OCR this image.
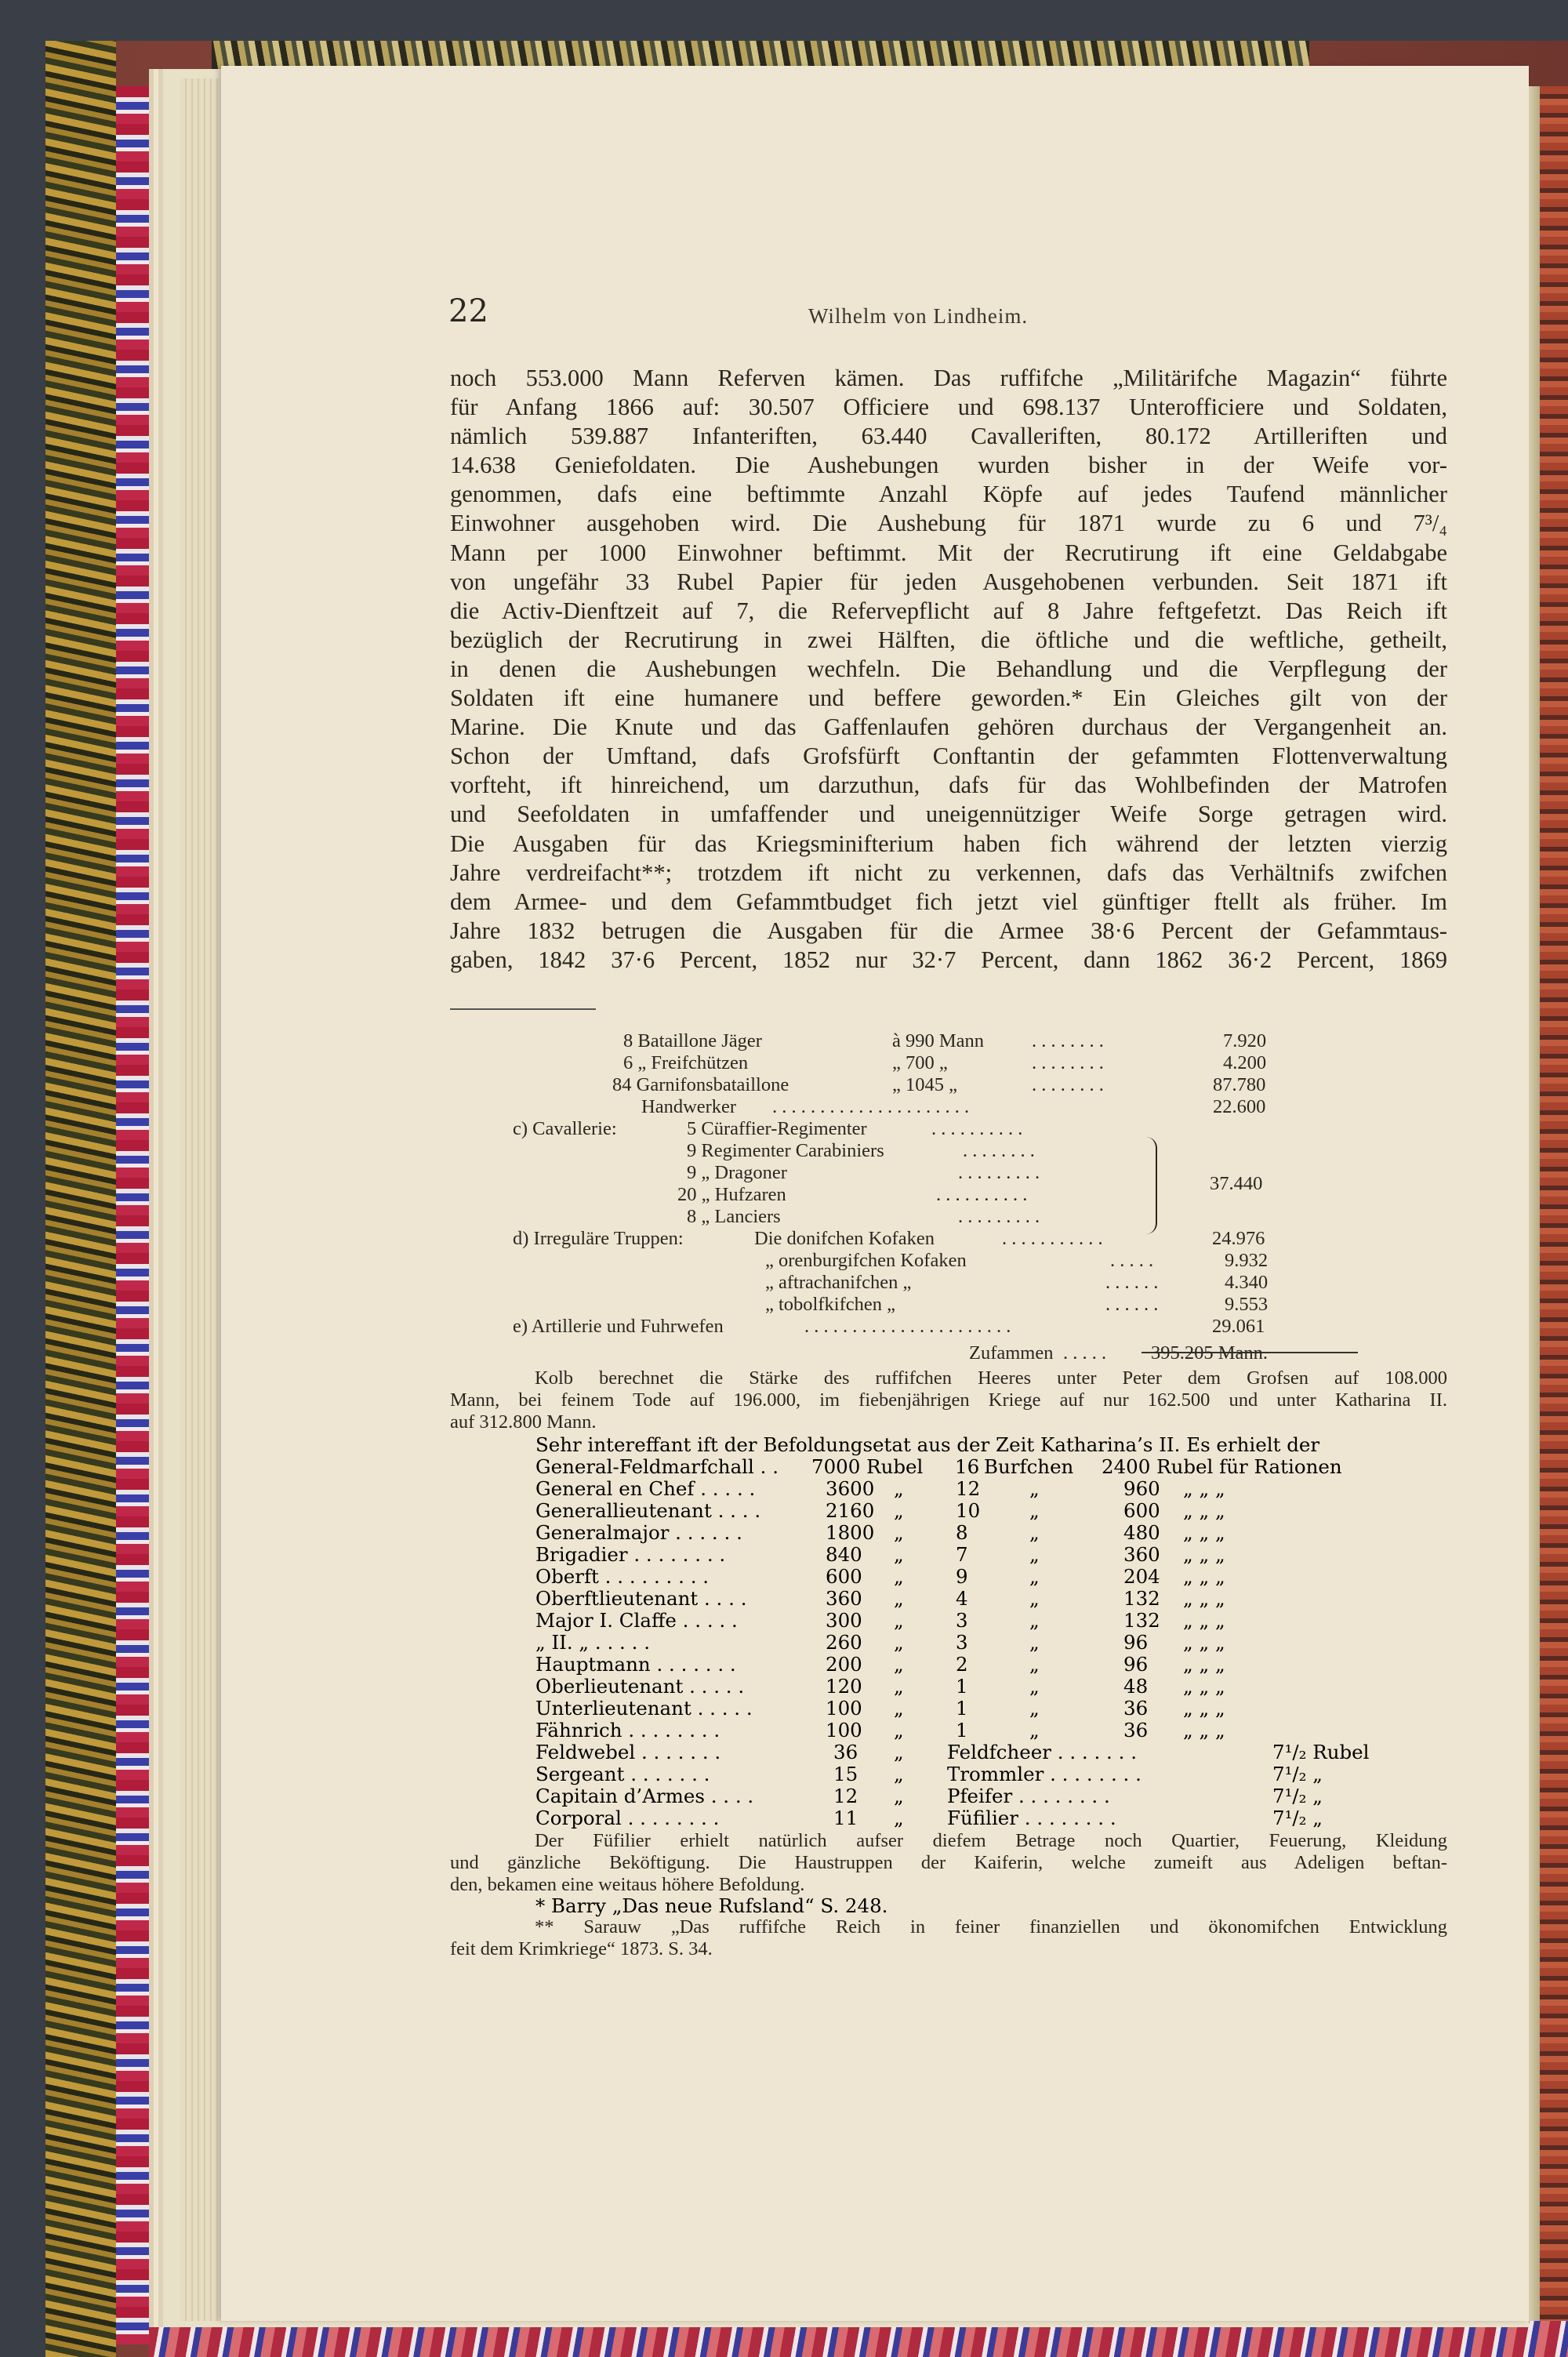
22	Wilhelm von Lindheim.
noch 553.000 Mann Referven kämen. Das ruffifche „Militärifche Magazin“ führte
für Anfang 1866 auf: 30.507 Officiere und 698.137 Unterofficiere und Soldaten,
nämlich 539.887 Infanteriften, 63.440 Cavalleriften, 80.172 Artilleriften und
14.638 Geniefoldaten. Die Aushebungen wurden bisher in der Weife vor-
genommen, dafs eine beftimmte Anzahl Köpfe auf jedes Taufend männlicher
Einwohner ausgehoben wird. Die Aushebung für 1871 wurde zu 6 und 7³/₄
Mann per 1000 Einwohner beftimmt. Mit der Recrutirung ift eine Geldabgabe
von ungefähr 33 Rubel Papier für jeden Ausgehobenen verbunden. Seit 1871 ift
die Activ-Dienftzeit auf 7, die Refervepflicht auf 8 Jahre feftgefetzt. Das Reich ift
bezüglich der Recrutirung in zwei Hälften, die öftliche und die weftliche, getheilt,
in denen die Aushebungen wechfeln. Die Behandlung und die Verpflegung der
Soldaten ift eine humanere und beffere geworden.* Ein Gleiches gilt von der
Marine. Die Knute und das Gaffenlaufen gehören durchaus der Vergangenheit an.
Schon der Umftand, dafs Grofsfürft Conftantin der gefammten Flottenverwaltung
vorfteht, ift hinreichend, um darzuthun, dafs für das Wohlbefinden der Matrofen
und Seefoldaten in umfaffender und uneigennütziger Weife Sorge getragen wird.
Die Ausgaben für das Kriegsminifterium haben fich während der letzten vierzig
Jahre verdreifacht**; trotzdem ift nicht zu verkennen, dafs das Verhältnifs zwifchen
dem Armee- und dem Gefammtbudget fich jetzt viel günftiger ftellt als früher. Im
Jahre 1832 betrugen die Ausgaben für die Armee 38·6 Percent der Gefammtaus-
gaben, 1842 37·6 Percent, 1852 nur 32·7 Percent, dann 1862 36·2 Percent, 1869
8 Bataillone Jäger	à 990 Mann . . . . . . . .	7.920
6 „ Freifchützen	„ 700 „	. . . . . . . .	4.200
84 Garnifonsbataillone	„ 1045 „	. . . . . . . .	87.780
Handwerker . . . . . . . . . . . . . . . . . . . . .	22.600
c) Cavallerie:	5 Cüraffier-Regimenter	. . . . . . . . . .
9 Regimenter Carabiniers	. . . . . . . .
9 „ Dragoner	. . . . . . . . .
20 „ Hufzaren	. . . . . . . . . .
8 „ Lanciers	. . . . . . . . .
37.440
d) Irreguläre Truppen:	Die donifchen Kofaken	. . . . . . . . . . .	24.976
„ orenburgifchen Kofaken	. . . . .	9.932
„ aftrachanifchen „	. . . . . .	4.340
„ tobolfkifchen „	. . . . . .	9.553
e) Artillerie und Fuhrwefen	. . . . . . . . . . . . . . . . . . . . . .	29.061
Zufammen . . . . . 395.205 Mann.
Kolb berechnet die Stärke des ruffifchen Heeres unter Peter dem Grofsen auf 108.000
Mann, bei feinem Tode auf 196.000, im fiebenjährigen Kriege auf nur 162.500 und unter Katharina II.
auf 312.800 Mann.
Sehr intereffant ift der Befoldungsetat aus der Zeit Katharina’s II. Es erhielt der
General-Feldmarfchall . . 7000 Rubel 16 Burfchen 2400 Rubel für Rationen
General en Chef . . . . .	3600 „	12	„	960 „ „ „
Generallieutenant . . . .	2160 „	10	„	600 „ „ „
Generalmajor . . . . . .	1800 „	8	„	480 „ „ „
Brigadier . . . . . . . .	840 „	7	„	360 „ „ „
Oberft . . . . . . . . .	600 „	9	„	204 „ „ „
Oberftlieutenant . . . .	360 „	4	„	132 „ „ „
Major I. Claffe . . . . .	300 „	3	„	132 „ „ „
„ II. „ . . . . .	260 „	3	„	96 „ „ „
Hauptmann . . . . . . .	200 „	2	„	96 „ „ „
Oberlieutenant . . . . .	120 „	1	„	48 „ „ „
Unterlieutenant . . . . .	100 „	1	„	36 „ „ „
Fähnrich . . . . . . . .	100 „	1	„	36 „ „ „
Feldwebel . . . . . . .	36 „ Feldfcheer . . . . . . .	7¹/₂ Rubel
Sergeant . . . . . . .	15 „ Trommler . . . . . . . .	7¹/₂ „
Capitain d’Armes . . . .	12 „ Pfeifer . . . . . . . .	7¹/₂ „
Corporal . . . . . . . .	11 „ Füfilier . . . . . . . .	7¹/₂ „
Der Füfilier erhielt natürlich aufser diefem Betrage noch Quartier, Feuerung, Kleidung
und gänzliche Beköftigung. Die Haustruppen der Kaiferin, welche zumeift aus Adeligen beftan-
den, bekamen eine weitaus höhere Befoldung.
* Barry „Das neue Rufsland“ S. 248.
** Sarauw „Das ruffifche Reich in feiner finanziellen und ökonomifchen Entwicklung
feit dem Krimkriege“ 1873. S. 34.
